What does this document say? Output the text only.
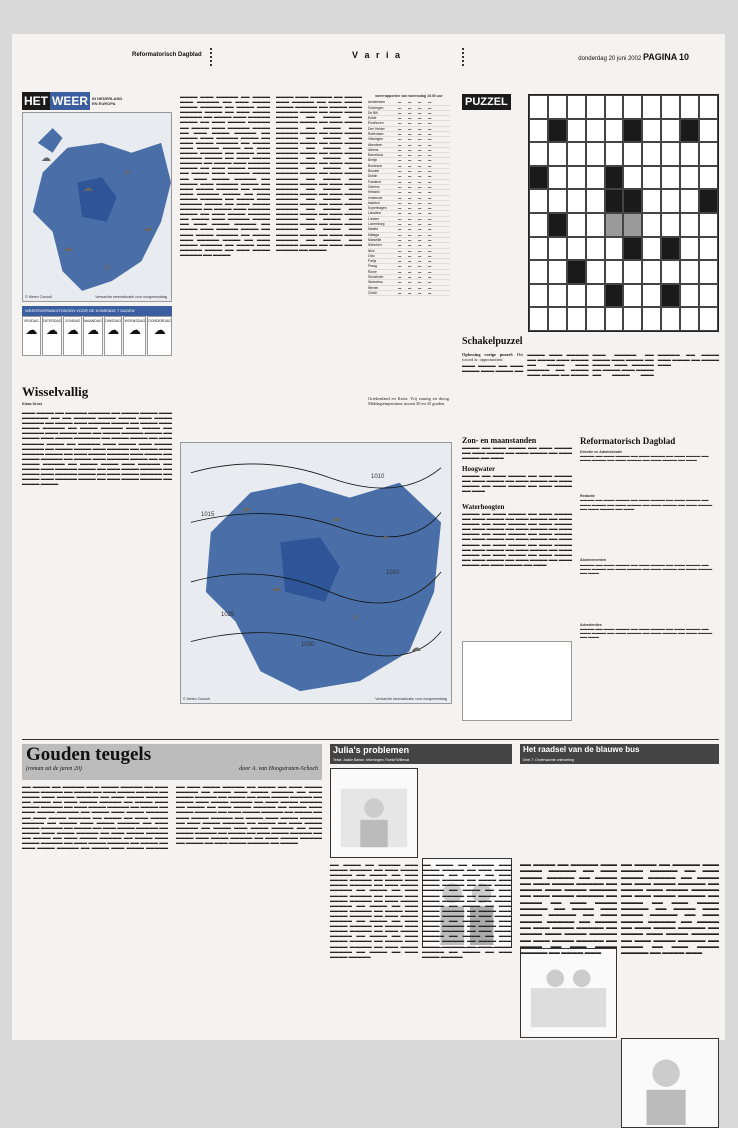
Reformatorisch Dagblad	V a r i a	donderdag 20 juni 2002 PAGINA 10
HET WEER	IN NEDERLAND EN EUROPA
☁
☁
☀
☁
☁
☀
© Meteo Consult	Verwachte weerssituatie voor morgenmiddag
WEERSVERWACHTINGEN VOOR DE KOMENDE 7 DAGEN
VRIJDAG
☁
ZATERDAG
☁
ZONDAG
☁
MAANDAG
☁
DINSDAG
☁
WOENSDAG
☁
DONDERDAG
☁
Wisselvallig
Klaas Drost

▬▬▬ ▬▬▬▬ ▬▬ ▬▬▬▬▬ ▬▬▬▬▬ ▬▬ ▬▬▬▬ ▬▬▬▬ ▬▬▬ ▬▬▬▬▬▬ ▬▬ ▬▬ ▬▬▬▬▬ ▬▬▬▬ ▬▬▬▬ ▬▬▬ ▬▬▬▬ ▬▬▬▬▬ ▬▬ ▬▬▬▬ ▬▬▬ ▬▬▬▬▬ ▬▬▬▬ ▬▬ ▬▬▬▬ ▬▬▬ ▬▬▬▬ ▬▬▬▬▬ ▬▬ ▬▬▬▬ ▬▬▬▬▬ ▬▬▬ ▬▬▬▬ ▬▬ ▬▬▬▬▬ ▬▬▬ ▬▬▬▬ ▬▬▬ ▬▬ ▬▬▬▬ ▬▬▬▬▬ ▬▬▬▬ ▬▬ ▬▬▬▬ ▬▬▬ ▬▬▬▬ ▬▬▬▬▬▬ ▬▬ ▬▬▬▬ ▬▬▬▬ ▬▬ ▬▬▬ ▬▬▬▬▬ ▬▬▬▬ ▬▬ ▬▬▬▬▬ ▬▬▬ ▬▬▬▬ ▬▬▬ ▬▬▬▬ ▬▬▬▬▬ ▬▬ ▬▬▬▬ ▬▬▬▬ ▬▬▬ ▬▬▬▬▬ ▬▬ ▬▬▬▬ ▬▬▬ ▬▬▬▬▬ ▬▬▬▬ ▬▬ ▬▬▬ ▬▬▬▬ ▬▬▬▬▬ ▬▬▬ ▬▬▬▬ ▬▬ ▬▬▬▬ ▬▬▬▬▬ ▬▬ ▬▬▬▬ ▬▬▬ ▬▬▬▬▬ ▬▬▬▬ ▬▬ ▬▬▬ ▬▬▬▬ ▬▬▬▬▬ ▬▬ ▬▬▬▬ ▬▬▬▬ ▬▬▬ ▬▬▬▬▬ ▬▬ ▬▬▬▬ ▬▬▬ ▬▬▬▬▬ ▬▬▬▬ ▬▬ ▬▬▬ ▬▬▬▬ ▬▬▬▬▬ ▬▬ ▬▬▬▬ ▬▬▬ ▬▬▬▬▬ ▬▬▬▬ ▬▬ ▬▬▬ ▬▬▬▬ ▬▬▬▬▬ ▬▬ ▬▬▬▬ ▬▬▬ ▬▬▬▬▬ ▬▬▬▬ ▬▬ ▬▬▬ ▬▬▬▬ ▬▬▬▬▬ ▬▬ ▬▬▬▬ ▬▬▬▬

▬▬▬▬ ▬▬▬ ▬▬▬▬▬ ▬▬ ▬▬▬▬ ▬▬▬ ▬▬▬▬▬ ▬▬ ▬▬▬ ▬▬▬▬ ▬▬▬▬ ▬▬▬▬▬ ▬▬ ▬▬▬▬ ▬▬▬ ▬▬▬▬▬ ▬▬▬▬ ▬▬ ▬▬▬ ▬▬▬▬ ▬▬▬▬▬ ▬▬ ▬▬▬▬ ▬▬▬ ▬▬▬▬▬ ▬▬▬▬ ▬▬ ▬▬▬ ▬▬▬▬ ▬▬▬▬▬ ▬▬ ▬▬▬▬ ▬▬▬ ▬▬▬▬▬ ▬▬▬▬ ▬▬ ▬▬▬ ▬▬▬▬ ▬▬▬▬▬ ▬▬ ▬▬▬▬ ▬▬▬ ▬▬▬▬▬ ▬▬▬▬ ▬▬ ▬▬▬ ▬▬▬▬ ▬▬▬▬▬ ▬▬ ▬▬▬▬ ▬▬▬ ▬▬▬▬▬ ▬▬▬▬ ▬▬ ▬▬▬ ▬▬▬▬ ▬▬▬▬▬ ▬▬ ▬▬▬▬ ▬▬▬ ▬▬▬▬▬ ▬▬▬▬ ▬▬ ▬▬▬ ▬▬▬▬ ▬▬▬▬▬ ▬▬ ▬▬▬▬ ▬▬▬ ▬▬▬▬▬ ▬▬▬▬ ▬▬ ▬▬▬ ▬▬▬▬ ▬▬▬▬▬ ▬▬ ▬▬▬▬ ▬▬▬ ▬▬▬▬▬ ▬▬▬▬ ▬▬ ▬▬▬ ▬▬▬▬ ▬▬▬▬▬ ▬▬ ▬▬▬▬ ▬▬▬ ▬▬▬▬▬ ▬▬▬▬ ▬▬ ▬▬▬ ▬▬▬▬ ▬▬▬▬▬ ▬▬ ▬▬▬▬ ▬▬▬ ▬▬▬▬▬ ▬▬▬▬ ▬▬ ▬▬▬ ▬▬▬▬ ▬▬▬▬▬ ▬▬ ▬▬▬▬ ▬▬▬ ▬▬▬▬▬ ▬▬▬▬ ▬▬ ▬▬▬ ▬▬▬▬ ▬▬▬▬▬ ▬▬ ▬▬▬▬ ▬▬▬ ▬▬▬▬▬ ▬▬▬▬ ▬▬ ▬▬▬ ▬▬▬▬ ▬▬▬▬▬ ▬▬ ▬▬▬▬ ▬▬▬ ▬▬▬▬▬ ▬▬▬▬ ▬▬ ▬▬▬ ▬▬▬▬ ▬▬▬▬▬ ▬▬ ▬▬▬▬ ▬▬▬ ▬▬▬▬▬ ▬▬▬▬ ▬▬ ▬▬▬ ▬▬▬▬ ▬▬▬▬▬ ▬▬ ▬▬▬▬ ▬▬▬ ▬▬▬▬▬ ▬▬▬▬ ▬▬ ▬▬▬ ▬▬▬▬ ▬▬▬▬▬ ▬▬ ▬▬▬▬ ▬▬▬ ▬▬▬▬▬ ▬▬▬▬ ▬▬ ▬▬▬ ▬▬▬▬ ▬▬▬▬▬ ▬▬ ▬▬▬▬

▬▬▬▬ ▬▬▬ ▬▬▬▬▬ ▬▬ ▬▬▬▬ ▬▬▬ ▬▬▬▬▬ ▬▬ ▬▬▬ ▬▬▬▬ ▬▬▬▬ ▬▬▬▬▬ ▬▬ ▬▬▬▬ ▬▬▬ ▬▬▬▬▬ ▬▬▬▬ ▬▬ ▬▬▬ ▬▬▬▬ ▬▬▬▬▬ ▬▬ ▬▬▬▬ ▬▬▬ ▬▬▬▬▬ ▬▬▬▬ ▬▬ ▬▬▬ ▬▬▬▬ ▬▬▬▬▬ ▬▬ ▬▬▬▬ ▬▬▬ ▬▬▬▬▬ ▬▬▬▬ ▬▬ ▬▬▬ ▬▬▬▬ ▬▬▬▬▬ ▬▬ ▬▬▬▬ ▬▬▬ ▬▬▬▬▬ ▬▬▬▬ ▬▬ ▬▬▬ ▬▬▬▬ ▬▬▬▬▬ ▬▬ ▬▬▬▬ ▬▬▬ ▬▬▬▬▬ ▬▬▬▬ ▬▬ ▬▬▬ ▬▬▬▬ ▬▬▬▬▬ ▬▬ ▬▬▬▬ ▬▬▬ ▬▬▬▬▬ ▬▬▬▬ ▬▬ ▬▬▬ ▬▬▬▬ ▬▬▬▬▬ ▬▬ ▬▬▬▬ ▬▬▬ ▬▬▬▬▬ ▬▬▬▬ ▬▬ ▬▬▬ ▬▬▬▬ ▬▬▬▬▬ ▬▬ ▬▬▬▬ ▬▬▬ ▬▬▬▬▬ ▬▬▬▬ ▬▬ ▬▬▬ ▬▬▬▬ ▬▬▬▬▬ ▬▬ ▬▬▬▬ ▬▬▬ ▬▬▬▬▬ ▬▬▬▬ ▬▬ ▬▬▬ ▬▬▬▬ ▬▬▬▬▬ ▬▬ ▬▬▬▬ ▬▬▬ ▬▬▬▬▬ ▬▬▬▬ ▬▬ ▬▬▬ ▬▬▬▬ ▬▬▬▬▬ ▬▬ ▬▬▬▬ ▬▬▬ ▬▬▬▬▬ ▬▬▬▬ ▬▬ ▬▬▬ ▬▬▬▬ ▬▬▬▬▬ ▬▬ ▬▬▬▬ ▬▬▬ ▬▬▬▬▬ ▬▬▬▬ ▬▬ ▬▬▬ ▬▬▬▬ ▬▬▬▬▬ ▬▬ ▬▬▬▬ ▬▬▬ ▬▬▬▬▬ ▬▬▬▬ ▬▬ ▬▬▬ ▬▬▬▬ ▬▬▬▬▬ ▬▬ ▬▬▬▬ ▬▬▬ ▬▬▬▬▬ ▬▬▬▬ ▬▬ ▬▬▬ ▬▬▬▬ ▬▬▬▬▬ ▬▬ ▬▬▬▬

weerrapporten van woensdag 19.00 uur
Amsterdam	▬	▬	▬	▬
Groningen	▬	▬	▬	▬
De Bilt	▬	▬	▬	▬
Eelde	▬	▬	▬	▬
Eindhoven	▬	▬	▬	▬
Den Helder	▬	▬	▬	▬
Rotterdam	▬	▬	▬	▬
Vlissingen	▬	▬	▬	▬
Aberdeen	▬	▬	▬	▬
Athene	▬	▬	▬	▬
Barcelona	▬	▬	▬	▬
Berlijn	▬	▬	▬	▬
Bordeaux	▬	▬	▬	▬
Brussel	▬	▬	▬	▬
Dublin	▬	▬	▬	▬
Frankfurt	▬	▬	▬	▬
Genève	▬	▬	▬	▬
Helsinki	▬	▬	▬	▬
Innsbruck	▬	▬	▬	▬
Istanbul	▬	▬	▬	▬
Kopenhagen	▬	▬	▬	▬
Lissabon	▬	▬	▬	▬
Londen	▬	▬	▬	▬
Luxemburg	▬	▬	▬	▬
Madrid	▬	▬	▬	▬
Malaga	▬	▬	▬	▬
Marseille	▬	▬	▬	▬
München	▬	▬	▬	▬
Nice	▬	▬	▬	▬
Oslo	▬	▬	▬	▬
Parijs	▬	▬	▬	▬
Praag	▬	▬	▬	▬
Rome	▬	▬	▬	▬
Stockholm	▬	▬	▬	▬
Warschau	▬	▬	▬	▬
Wenen	▬	▬	▬	▬
Zürich	▬	▬	▬	▬
Griekenland en Kreta: Vrij zonnig en droog. Middagtemperatuur tussen 30 en 35 graden.
1010
1015
1020
1025
1030
☁
☁
☀
☁
☀
☁
© Meteo Consult	Verwachte weerssituatie voor morgenmiddag
PUZZEL
Schakelpuzzel

Oplossing vorige puzzel: Het woord is: opportuniteit.

▬▬▬ ▬▬▬▬ ▬▬ ▬▬▬ ▬▬▬▬ ▬▬▬ ▬▬▬▬ ▬▬ ▬▬▬▬ ▬▬▬ ▬▬▬▬▬ ▬▬ ▬▬▬▬ ▬▬▬ ▬▬▬▬ ▬▬ ▬▬▬▬ ▬▬▬ ▬▬▬▬▬ ▬▬ ▬▬▬▬ ▬▬▬ ▬▬▬▬ ▬▬ ▬▬▬▬ ▬▬▬ ▬▬▬▬▬ ▬▬ ▬▬▬▬ ▬▬▬ ▬▬▬▬ ▬▬ ▬▬▬▬ ▬▬▬ ▬▬▬▬▬ ▬▬ ▬▬▬▬ ▬▬▬ ▬▬▬▬ ▬▬ ▬▬▬▬ ▬▬▬ ▬▬▬▬▬ ▬▬ ▬▬▬▬ ▬▬▬ ▬▬▬▬ ▬▬ ▬▬▬▬ ▬▬▬

Zon- en maanstanden
▬▬▬▬ ▬▬ ▬▬▬ ▬▬▬▬ ▬▬ ▬▬▬ ▬▬▬▬ ▬▬ ▬▬▬ ▬▬▬▬ ▬▬ ▬▬▬ ▬▬▬▬ ▬▬ ▬▬▬ ▬▬▬▬ ▬▬ ▬▬▬
Hoogwater
▬▬▬▬ ▬▬ ▬▬▬ ▬▬▬▬ ▬▬ ▬▬▬ ▬▬▬▬ ▬▬ ▬▬▬ ▬▬▬▬ ▬▬ ▬▬▬ ▬▬▬▬ ▬▬ ▬▬▬ ▬▬▬▬ ▬▬ ▬▬▬ ▬▬▬▬ ▬▬ ▬▬▬ ▬▬▬▬ ▬▬ ▬▬▬
Waterhoogten
▬▬▬▬ ▬▬ ▬▬▬ ▬▬▬▬ ▬▬ ▬▬▬ ▬▬▬▬ ▬▬ ▬▬▬ ▬▬▬▬ ▬▬ ▬▬▬ ▬▬▬▬ ▬▬ ▬▬▬ ▬▬▬▬ ▬▬ ▬▬▬ ▬▬▬▬ ▬▬ ▬▬▬ ▬▬▬▬ ▬▬ ▬▬▬ ▬▬▬▬ ▬▬ ▬▬▬ ▬▬▬▬ ▬▬ ▬▬▬ ▬▬▬▬ ▬▬ ▬▬▬ ▬▬▬▬ ▬▬ ▬▬▬ ▬▬▬▬ ▬▬ ▬▬▬ ▬▬▬▬ ▬▬ ▬▬▬ ▬▬▬▬ ▬▬ ▬▬▬ ▬▬▬▬ ▬▬ ▬▬▬ ▬▬▬▬ ▬▬ ▬▬▬ ▬▬▬▬ ▬▬ ▬▬▬ ▬▬▬▬ ▬▬ ▬▬▬ ▬▬▬▬ ▬▬ ▬▬▬ ▬▬▬▬ ▬▬ ▬▬▬ ▬▬▬▬ ▬▬ ▬▬▬ ▬▬▬▬ ▬▬ ▬▬▬ ▬▬▬▬ ▬▬ ▬▬▬ ▬▬▬▬ ▬▬ ▬▬▬ ▬▬▬▬ ▬▬ ▬▬▬ ▬▬▬▬ ▬▬ ▬▬▬
Reformatorisch Dagblad
Directie en Administratie
▬▬▬▬ ▬▬ ▬▬▬ ▬▬▬▬ ▬▬ ▬▬▬ ▬▬▬▬ ▬▬ ▬▬▬ ▬▬▬▬ ▬▬ ▬▬▬ ▬▬▬▬ ▬▬ ▬▬▬ ▬▬▬▬ ▬▬ ▬▬▬ ▬▬▬▬ ▬▬ ▬▬▬
Redactie
▬▬▬▬ ▬▬ ▬▬▬ ▬▬▬▬ ▬▬ ▬▬▬ ▬▬▬▬ ▬▬ ▬▬▬ ▬▬▬▬ ▬▬ ▬▬▬ ▬▬▬▬ ▬▬ ▬▬▬ ▬▬▬▬ ▬▬ ▬▬▬ ▬▬▬▬ ▬▬ ▬▬▬ ▬▬▬▬ ▬▬ ▬▬▬ ▬▬▬▬ ▬▬ ▬▬▬
Abonnementen
▬▬▬▬ ▬▬ ▬▬▬ ▬▬▬▬ ▬▬ ▬▬▬ ▬▬▬▬ ▬▬ ▬▬▬ ▬▬▬▬ ▬▬ ▬▬▬ ▬▬▬▬ ▬▬ ▬▬▬ ▬▬▬▬ ▬▬ ▬▬▬ ▬▬▬▬ ▬▬ ▬▬▬ ▬▬▬▬ ▬▬ ▬▬▬
Advertenties
▬▬▬▬ ▬▬ ▬▬▬ ▬▬▬▬ ▬▬ ▬▬▬ ▬▬▬▬ ▬▬ ▬▬▬ ▬▬▬▬ ▬▬ ▬▬▬ ▬▬▬▬ ▬▬ ▬▬▬ ▬▬▬▬ ▬▬ ▬▬▬ ▬▬▬▬ ▬▬ ▬▬▬ ▬▬▬▬ ▬▬ ▬▬▬
Gouden teugels
(roman uit de jaren 20)	door A. van Hoogstraten-Schoch

▬▬ ▬▬▬▬ ▬▬ ▬▬▬▬▬ ▬▬▬ ▬▬▬▬ ▬▬▬▬▬ ▬▬ ▬▬▬ ▬▬▬▬ ▬▬▬▬▬ ▬▬ ▬▬▬▬ ▬▬ ▬▬▬ ▬▬▬▬ ▬▬▬▬▬ ▬▬ ▬▬▬▬ ▬▬▬ ▬▬▬▬ ▬▬▬▬▬ ▬▬ ▬▬▬ ▬▬▬▬ ▬▬▬▬▬ ▬▬ ▬▬▬▬ ▬▬ ▬▬▬ ▬▬▬▬ ▬▬▬▬▬ ▬▬ ▬▬▬▬ ▬▬▬ ▬▬▬▬ ▬▬▬▬▬ ▬▬ ▬▬▬ ▬▬▬▬ ▬▬▬▬▬ ▬▬ ▬▬▬▬ ▬▬ ▬▬▬ ▬▬▬▬ ▬▬▬▬▬ ▬▬ ▬▬▬▬ ▬▬▬ ▬▬▬▬ ▬▬▬▬▬ ▬▬ ▬▬▬ ▬▬▬▬ ▬▬▬▬▬ ▬▬ ▬▬▬▬ ▬▬ ▬▬▬ ▬▬▬▬ ▬▬▬▬▬ ▬▬ ▬▬▬▬ ▬▬▬ ▬▬▬▬ ▬▬▬▬▬ ▬▬ ▬▬▬ ▬▬▬▬ ▬▬▬▬▬ ▬▬ ▬▬▬▬ ▬▬ ▬▬▬ ▬▬▬▬ ▬▬▬▬▬ ▬▬ ▬▬▬▬ ▬▬▬ ▬▬▬▬ ▬▬▬▬▬ ▬▬ ▬▬▬ ▬▬▬▬ ▬▬▬▬▬ ▬▬ ▬▬▬▬ ▬▬ ▬▬▬ ▬▬▬▬ ▬▬▬▬▬ ▬▬ ▬▬▬▬ ▬▬▬ ▬▬▬▬ ▬▬▬▬▬ ▬▬ ▬▬▬ ▬▬▬▬ ▬▬▬▬▬ ▬▬ ▬▬▬▬ ▬▬ ▬▬▬ ▬▬▬▬ ▬▬▬▬▬ ▬▬ ▬▬▬▬ ▬▬▬ ▬▬▬▬ ▬▬▬▬▬ ▬▬ ▬▬▬ ▬▬▬▬ ▬▬▬▬▬ ▬▬ ▬▬▬▬ ▬▬ ▬▬▬ ▬▬▬▬ ▬▬▬▬▬ ▬▬ ▬▬▬▬ ▬▬▬ ▬▬▬▬ ▬▬▬▬▬ ▬▬ ▬▬▬ ▬▬▬▬ ▬▬▬▬▬ ▬▬ ▬▬▬▬ ▬▬ ▬▬▬ ▬▬▬▬ ▬▬▬▬▬ ▬▬ ▬▬▬▬ ▬▬▬ ▬▬▬▬ ▬▬▬▬▬ ▬▬ ▬▬▬ ▬▬▬▬ ▬▬▬▬▬ ▬▬ ▬▬▬▬ ▬▬ ▬▬▬ ▬▬▬▬ ▬▬▬▬▬ ▬▬ ▬▬▬▬ ▬▬▬ ▬▬▬▬ ▬▬▬▬▬ ▬▬ ▬▬▬ ▬▬▬▬ ▬▬▬▬▬ ▬▬ ▬▬▬▬ ▬▬ ▬▬▬ ▬▬▬▬ ▬▬▬▬▬ ▬▬ ▬▬▬▬ ▬▬▬ ▬▬▬▬ ▬▬▬▬▬ ▬▬ ▬▬▬ ▬▬▬▬ ▬▬▬▬▬ ▬▬ ▬▬▬▬ ▬▬ ▬▬▬ ▬▬▬▬ ▬▬▬▬▬ ▬▬ ▬▬▬▬ ▬▬▬ ▬▬▬▬ ▬▬▬▬▬ ▬▬ ▬▬▬ ▬▬▬▬ ▬▬▬▬▬ ▬▬ ▬▬▬▬ ▬▬ ▬▬▬ ▬▬▬▬ ▬▬▬▬▬ ▬▬ ▬▬▬▬ ▬▬▬ ▬▬▬▬ ▬▬▬▬▬ ▬▬ ▬▬▬ ▬▬▬▬ ▬▬▬▬▬ ▬▬ ▬▬▬▬ ▬▬ ▬▬▬ ▬▬▬▬ ▬▬▬▬▬ ▬▬ ▬▬▬▬

Julia's problemen
Tekst: Jackie Barton, tekeningen: Roelof Wiltenat
▬▬ ▬▬▬▬ ▬▬ ▬▬▬▬▬ ▬▬▬ ▬▬▬▬ ▬▬▬▬▬ ▬▬ ▬▬▬ ▬▬▬▬ ▬▬▬▬▬ ▬▬ ▬▬▬▬ ▬▬ ▬▬▬ ▬▬▬▬ ▬▬▬▬▬ ▬▬ ▬▬▬▬ ▬▬▬ ▬▬▬▬ ▬▬▬▬▬ ▬▬ ▬▬▬ ▬▬▬▬ ▬▬▬▬▬ ▬▬ ▬▬▬▬ ▬▬ ▬▬▬ ▬▬▬▬ ▬▬▬▬▬ ▬▬ ▬▬▬▬ ▬▬▬ ▬▬▬▬ ▬▬▬▬▬ ▬▬ ▬▬▬ ▬▬▬▬ ▬▬▬▬▬ ▬▬ ▬▬▬▬ ▬▬ ▬▬▬ ▬▬▬▬ ▬▬▬▬▬ ▬▬ ▬▬▬▬ ▬▬▬ ▬▬▬▬ ▬▬▬▬▬ ▬▬ ▬▬▬ ▬▬▬▬ ▬▬▬▬▬ ▬▬ ▬▬▬▬ ▬▬ ▬▬▬ ▬▬▬▬ ▬▬▬▬▬ ▬▬ ▬▬▬▬ ▬▬▬ ▬▬▬▬ ▬▬▬▬▬ ▬▬ ▬▬▬ ▬▬▬▬ ▬▬▬▬▬ ▬▬ ▬▬▬▬ ▬▬ ▬▬▬ ▬▬▬▬ ▬▬▬▬▬ ▬▬ ▬▬▬▬ ▬▬▬ ▬▬▬▬ ▬▬▬▬▬ ▬▬ ▬▬▬ ▬▬▬▬ ▬▬▬▬▬ ▬▬ ▬▬▬▬ ▬▬ ▬▬▬ ▬▬▬▬ ▬▬▬▬▬
▬▬ ▬▬▬▬ ▬▬ ▬▬▬▬▬ ▬▬▬ ▬▬▬▬ ▬▬▬▬▬ ▬▬ ▬▬▬ ▬▬▬▬ ▬▬▬▬▬ ▬▬ ▬▬▬▬ ▬▬ ▬▬▬ ▬▬▬▬ ▬▬▬▬▬ ▬▬ ▬▬▬▬ ▬▬▬ ▬▬▬▬ ▬▬▬▬▬ ▬▬ ▬▬▬ ▬▬▬▬ ▬▬▬▬▬ ▬▬ ▬▬▬▬ ▬▬ ▬▬▬ ▬▬▬▬ ▬▬▬▬▬ ▬▬ ▬▬▬▬ ▬▬▬ ▬▬▬▬ ▬▬▬▬▬ ▬▬ ▬▬▬ ▬▬▬▬ ▬▬▬▬▬ ▬▬ ▬▬▬▬ ▬▬ ▬▬▬ ▬▬▬▬ ▬▬▬▬▬ ▬▬ ▬▬▬▬ ▬▬▬ ▬▬▬▬ ▬▬▬▬▬ ▬▬ ▬▬▬ ▬▬▬▬ ▬▬▬▬▬ ▬▬ ▬▬▬▬ ▬▬ ▬▬▬ ▬▬▬▬ ▬▬▬▬▬ ▬▬ ▬▬▬▬ ▬▬▬ ▬▬▬▬ ▬▬▬▬▬ ▬▬ ▬▬▬ ▬▬▬▬ ▬▬▬▬▬ ▬▬ ▬▬▬▬ ▬▬ ▬▬▬ ▬▬▬▬ ▬▬▬▬▬ ▬▬ ▬▬▬▬ ▬▬▬ ▬▬▬▬ ▬▬▬▬▬ ▬▬ ▬▬▬ ▬▬▬▬ ▬▬▬▬▬ ▬▬ ▬▬▬▬ ▬▬ ▬▬▬ ▬▬▬▬ ▬▬▬▬▬
Het raadsel van de blauwe bus
Deel 7: Onverwachte ontmoeting
▬▬ ▬▬▬▬ ▬▬ ▬▬▬▬▬ ▬▬▬ ▬▬▬▬ ▬▬▬▬▬ ▬▬ ▬▬▬ ▬▬▬▬ ▬▬▬▬▬ ▬▬ ▬▬▬▬ ▬▬ ▬▬▬ ▬▬▬▬ ▬▬▬▬▬ ▬▬ ▬▬▬▬ ▬▬▬ ▬▬▬▬ ▬▬▬▬▬ ▬▬ ▬▬▬ ▬▬▬▬ ▬▬▬▬▬ ▬▬ ▬▬▬▬ ▬▬ ▬▬▬ ▬▬▬▬ ▬▬▬▬▬ ▬▬ ▬▬▬▬ ▬▬▬ ▬▬▬▬ ▬▬▬▬▬ ▬▬ ▬▬▬ ▬▬▬▬ ▬▬▬▬▬ ▬▬ ▬▬▬▬ ▬▬ ▬▬▬ ▬▬▬▬ ▬▬▬▬▬ ▬▬ ▬▬▬▬ ▬▬▬ ▬▬▬▬ ▬▬▬▬▬ ▬▬ ▬▬▬ ▬▬▬▬ ▬▬▬▬▬ ▬▬ ▬▬▬▬ ▬▬ ▬▬▬ ▬▬▬▬ ▬▬▬▬▬ ▬▬ ▬▬▬▬ ▬▬▬
▬▬ ▬▬▬▬ ▬▬ ▬▬▬▬▬ ▬▬▬ ▬▬▬▬ ▬▬▬▬▬ ▬▬ ▬▬▬ ▬▬▬▬ ▬▬▬▬▬ ▬▬ ▬▬▬▬ ▬▬ ▬▬▬ ▬▬▬▬ ▬▬▬▬▬ ▬▬ ▬▬▬▬ ▬▬▬ ▬▬▬▬ ▬▬▬▬▬ ▬▬ ▬▬▬ ▬▬▬▬ ▬▬▬▬▬ ▬▬ ▬▬▬▬ ▬▬ ▬▬▬ ▬▬▬▬ ▬▬▬▬▬ ▬▬ ▬▬▬▬ ▬▬▬ ▬▬▬▬ ▬▬▬▬▬ ▬▬ ▬▬▬ ▬▬▬▬ ▬▬▬▬▬ ▬▬ ▬▬▬▬ ▬▬ ▬▬▬ ▬▬▬▬ ▬▬▬▬▬ ▬▬ ▬▬▬▬ ▬▬▬ ▬▬▬▬ ▬▬▬▬▬ ▬▬ ▬▬▬ ▬▬▬▬ ▬▬▬▬▬ ▬▬ ▬▬▬▬ ▬▬ ▬▬▬ ▬▬▬▬ ▬▬▬▬▬ ▬▬ ▬▬▬▬ ▬▬▬
